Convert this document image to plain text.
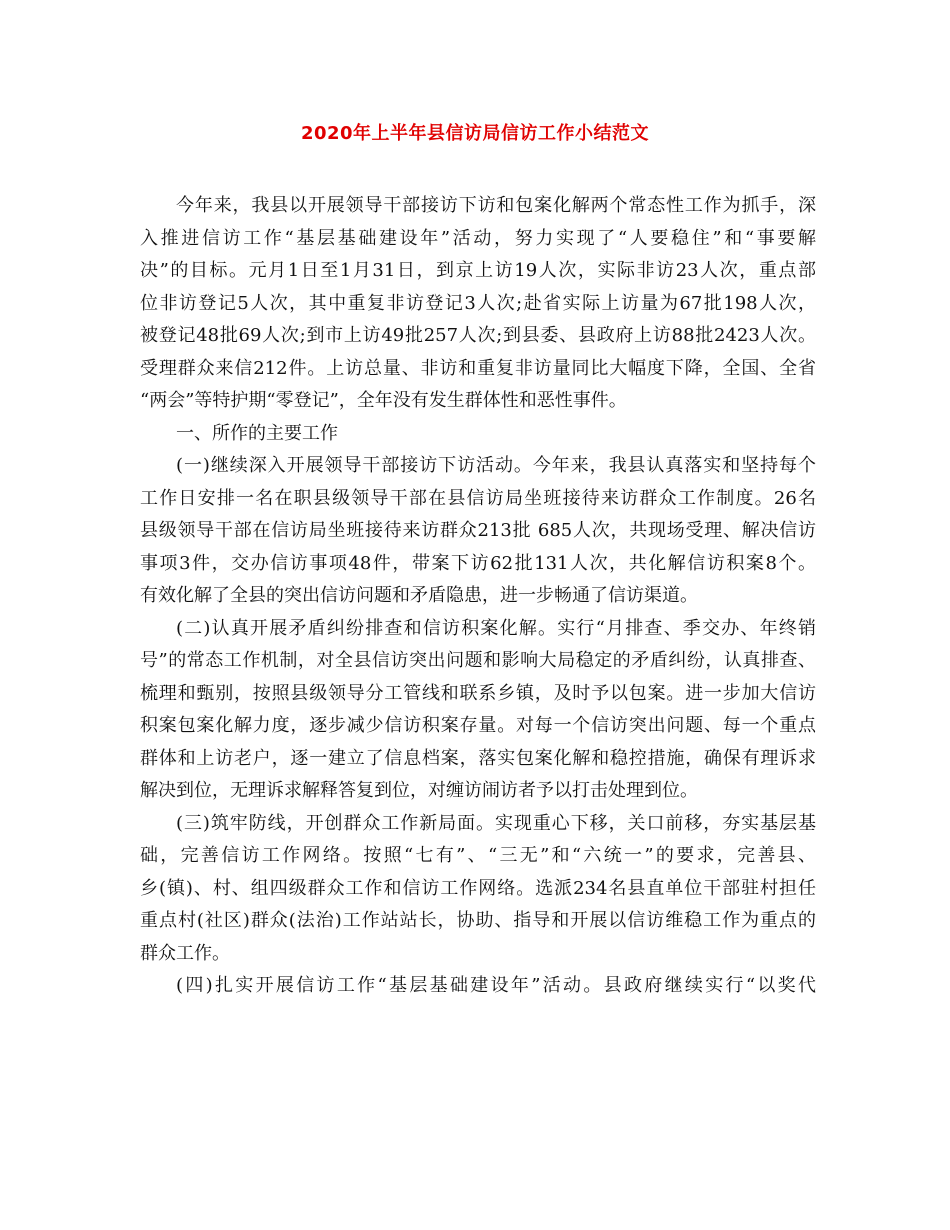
2020年上半年县信访局信访工作小结范文
今年来，我县以开展领导干部接访下访和包案化解两个常态性工作为抓手，深
入推进信访工作“基层基础建设年”活动，努力实现了“人要稳住”和“事要解
决”的目标。元月1日至1月31日，到京上访19人次，实际非访23人次，重点部
位非访登记5人次，其中重复非访登记3人次;赴省实际上访量为67批198人次，
被登记48批69人次;到市上访49批257人次;到县委、县政府上访88批2423人次。
受理群众来信212件。上访总量、非访和重复非访量同比大幅度下降，全国、全省
“两会”等特护期“零登记”，全年没有发生群体性和恶性事件。
一、所作的主要工作
(一)继续深入开展领导干部接访下访活动。今年来，我县认真落实和坚持每个
工作日安排一名在职县级领导干部在县信访局坐班接待来访群众工作制度。26名
县级领导干部在信访局坐班接待来访群众213批 685人次，共现场受理、解决信访
事项3件，交办信访事项48件，带案下访62批131人次，共化解信访积案8个。
有效化解了全县的突出信访问题和矛盾隐患，进一步畅通了信访渠道。
(二)认真开展矛盾纠纷排查和信访积案化解。实行“月排查、季交办、年终销
号”的常态工作机制，对全县信访突出问题和影响大局稳定的矛盾纠纷，认真排查、
梳理和甄别，按照县级领导分工管线和联系乡镇，及时予以包案。进一步加大信访
积案包案化解力度，逐步减少信访积案存量。对每一个信访突出问题、每一个重点
群体和上访老户，逐一建立了信息档案，落实包案化解和稳控措施，确保有理诉求
解决到位，无理诉求解释答复到位，对缠访闹访者予以打击处理到位。
(三)筑牢防线，开创群众工作新局面。实现重心下移，关口前移，夯实基层基
础，完善信访工作网络。按照“七有”、“三无”和“六统一”的要求，完善县、
乡(镇)、村、组四级群众工作和信访工作网络。选派234名县直单位干部驻村担任
重点村(社区)群众(法治)工作站站长，协助、指导和开展以信访维稳工作为重点的
群众工作。
(四)扎实开展信访工作“基层基础建设年”活动。县政府继续实行“以奖代
